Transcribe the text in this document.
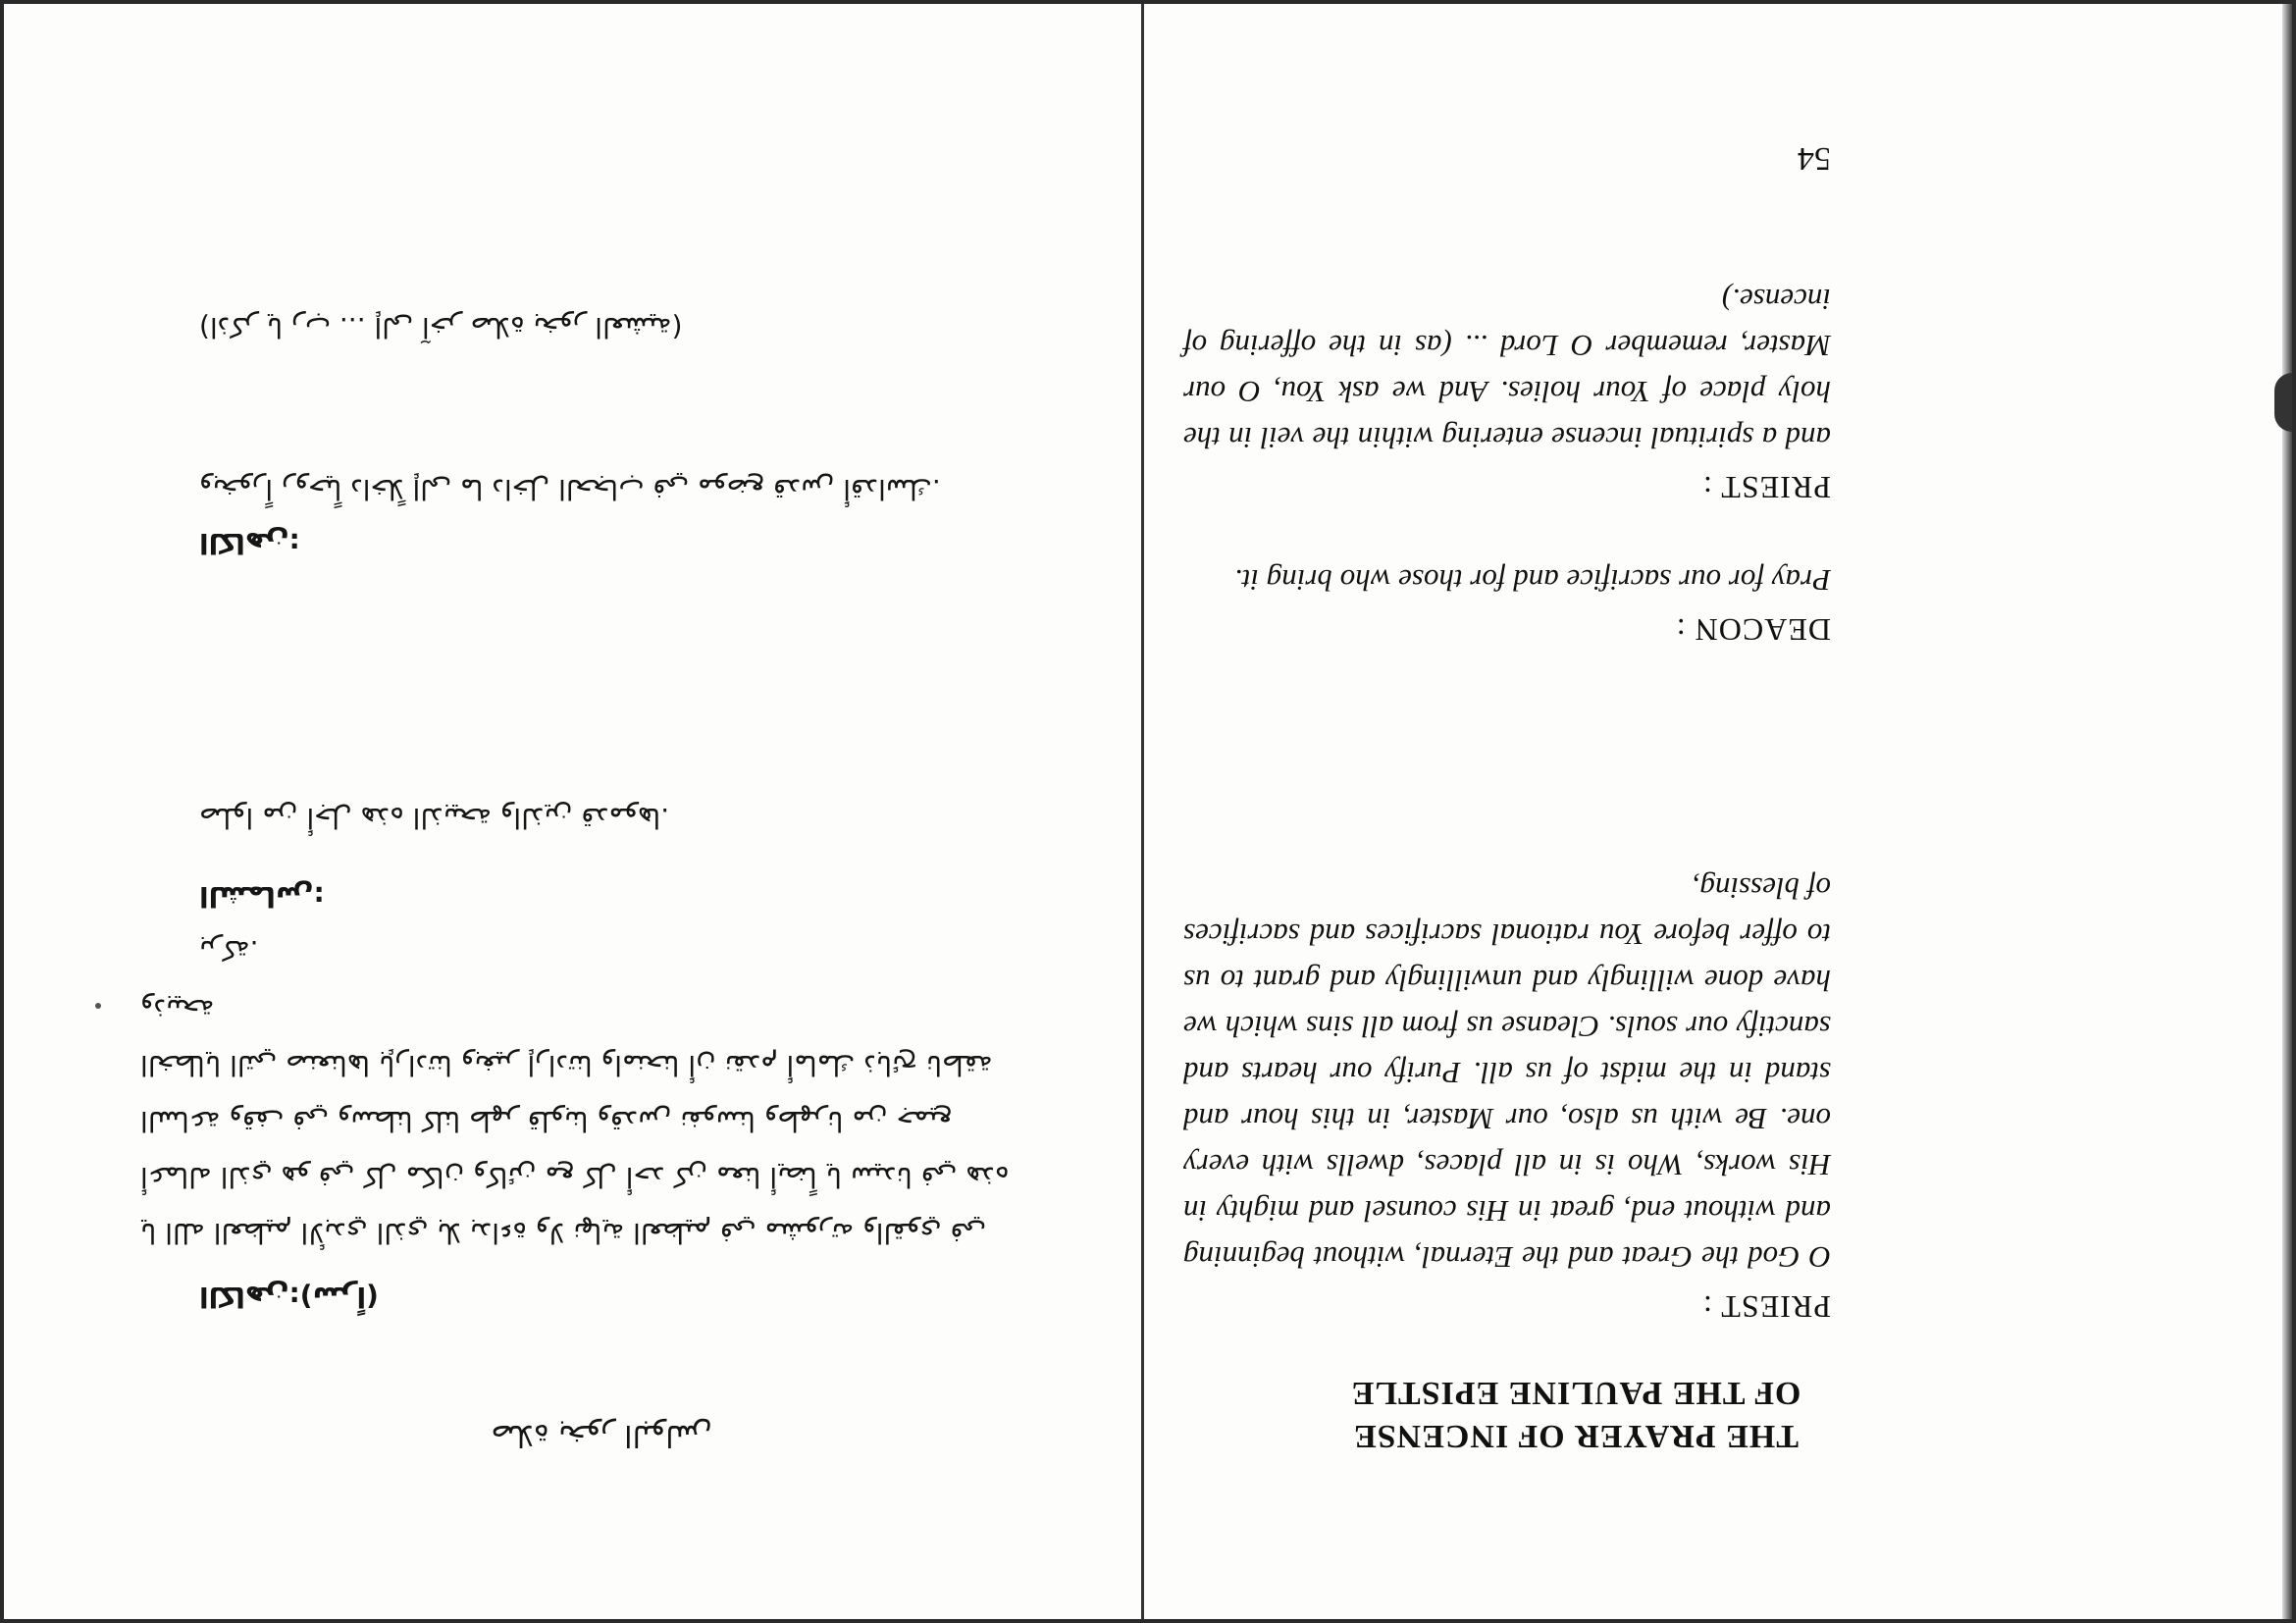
THE PRAYER OF INCENSE
OF THE PAULINE EPISTLE

PRIEST :

O God the Great and the Eternal, without beginning and without end, great in His counsel and mighty in His works, Who is in all places, dwells with every one. Be with us also, our Master, in this hour and stand in the midst of us all. Purify our hearts and sanctify our souls. Cleanse us from all sins which we have done willingly and unwillingly and grant to us to offer before You rational sacrifices and sacrifices of blessing,

DEACON :

Pray for our sacrifice and for those who bring it.

PRIEST :

and a spiritual incense entering within the veil in the holy place of Your holies. And we ask You, O our Master, remember O Lord ... (as in the offering of incense.)

54
صلاة بخور البولس
الكاهن:(سراً)
يا الله العظيم الأبدي الذي بلا بداءة ولا نهاية العظيم في مشورته والقوي في أعماله الذي هو في كل مكان وكائن مع كل أحد كن معنا أيضاً يا سيدنا في هذه الساعة وقف في وسطنا كلنا طهر قلوبنا وقدس نفوسنا وطهرنا من جميع الخطايا التي صنعناها بإرادتنا وبغير إرادتنا وامنحنا أن نقدم أمامك ذبائح ناطقة وذبيحة
بركة.
الشماس:
صلوا من أجل هذه الذبيحة والذين قدموها.
الكاهن:
وبخوراً روحياً داخلاً إلى ما داخل الحجاب في موضع قدس أقداسك.
(اذكر يا رب ... إلى آخر صلاة بخور العشية)
